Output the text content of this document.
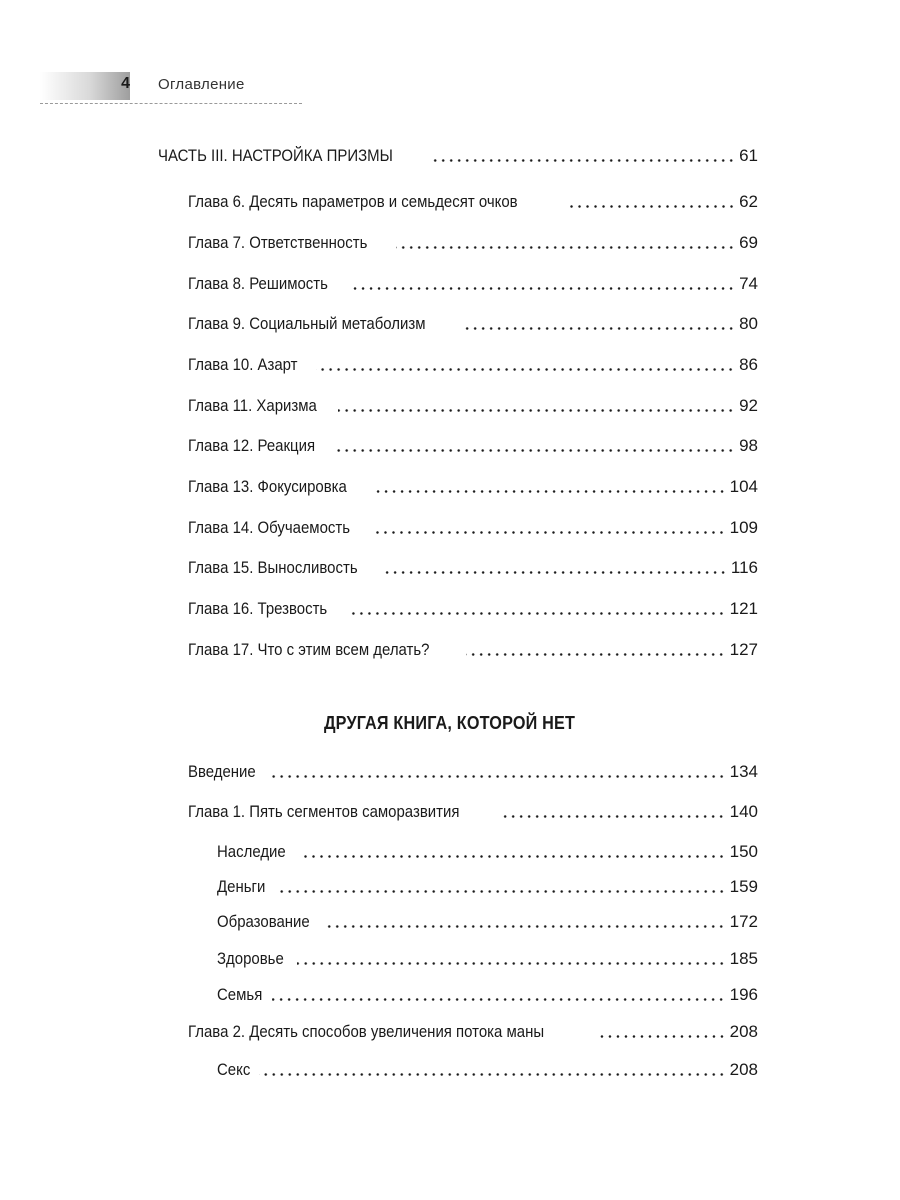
4 Оглавление
ЧАСТЬ III. НАСТРОЙКА ПРИЗМЫ	61
Глава 6. Десять параметров и семьдесят очков	62
Глава 7. Ответственность	69
Глава 8. Решимость	74
Глава 9. Социальный метаболизм	80
Глава 10. Азарт	86
Глава 11. Харизма	92
Глава 12. Реакция	98
Глава 13. Фокусировка	104
Глава 14. Обучаемость	109
Глава 15. Выносливость	116
Глава 16. Трезвость	121
Глава 17. Что с этим всем делать?	127
ДРУГАЯ КНИГА, КОТОРОЙ НЕТ
Введение	134
Глава 1. Пять сегментов саморазвития	140
Наследие	150
Деньги	159
Образование	172
Здоровье	185
Семья	196
Глава 2. Десять способов увеличения потока маны	208
Секс	208
